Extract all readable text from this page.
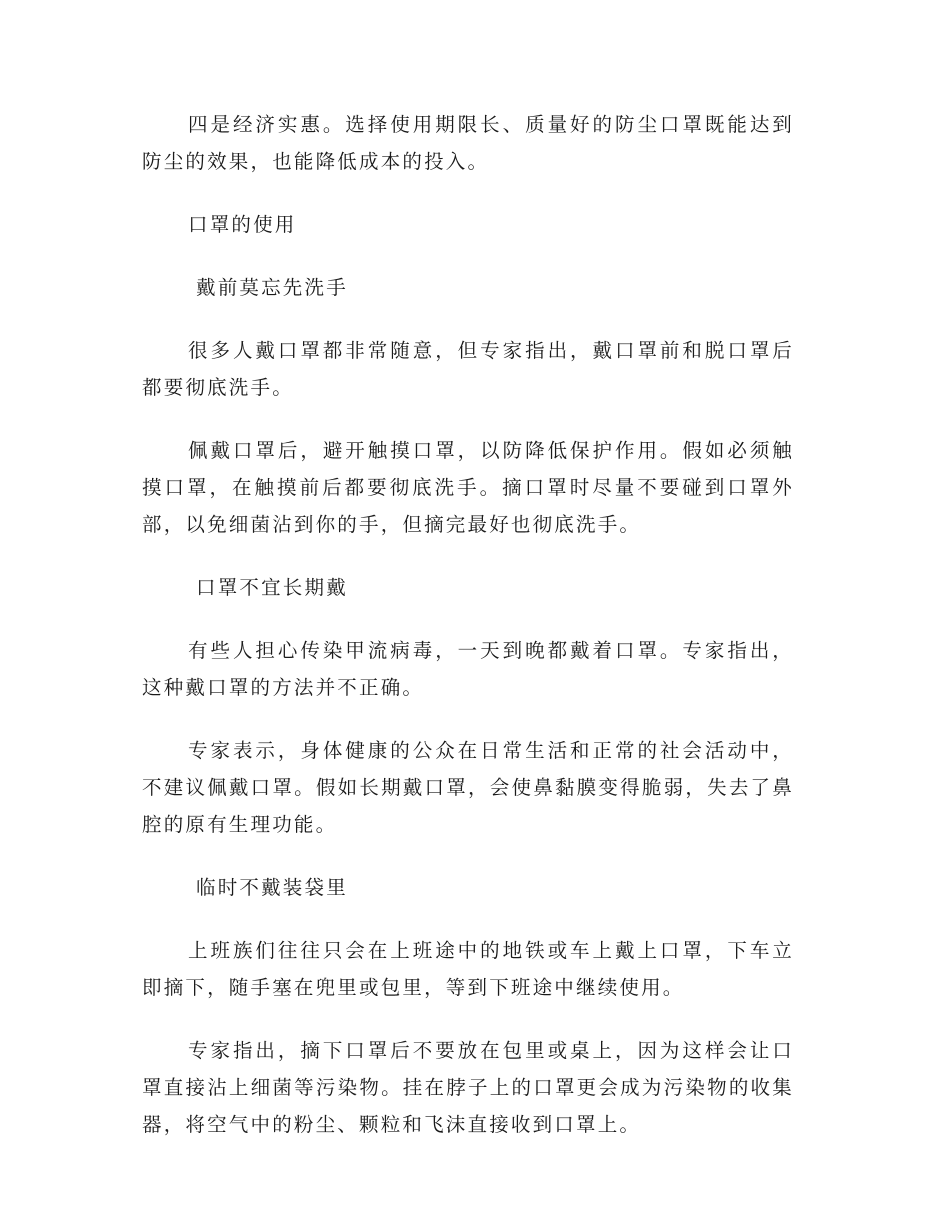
四是经济实惠。选择使用期限长、质量好的防尘口罩既能达到防尘的效果，也能降低成本的投入。

口罩的使用

戴前莫忘先洗手

很多人戴口罩都非常随意，但专家指出，戴口罩前和脱口罩后都要彻底洗手。

佩戴口罩后，避开触摸口罩，以防降低保护作用。假如必须触摸口罩，在触摸前后都要彻底洗手。摘口罩时尽量不要碰到口罩外部，以免细菌沾到你的手，但摘完最好也彻底洗手。

口罩不宜长期戴

有些人担心传染甲流病毒，一天到晚都戴着口罩。专家指出，这种戴口罩的方法并不正确。

专家表示，身体健康的公众在日常生活和正常的社会活动中，不建议佩戴口罩。假如长期戴口罩，会使鼻黏膜变得脆弱，失去了鼻腔的原有生理功能。

临时不戴装袋里

上班族们往往只会在上班途中的地铁或车上戴上口罩，下车立即摘下，随手塞在兜里或包里，等到下班途中继续使用。

专家指出，摘下口罩后不要放在包里或桌上，因为这样会让口罩直接沾上细菌等污染物。挂在脖子上的口罩更会成为污染物的收集器，将空气中的粉尘、颗粒和飞沫直接收到口罩上。
